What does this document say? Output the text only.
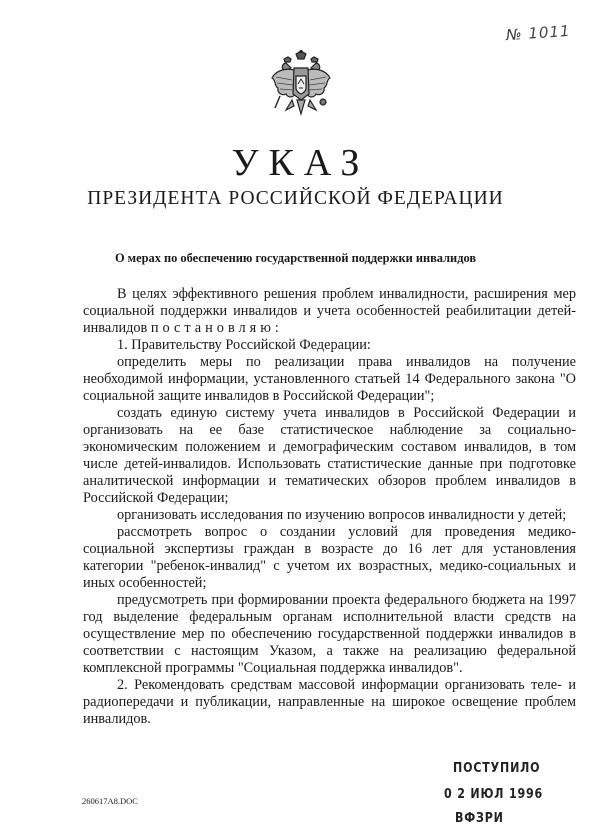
№ 1011
УКАЗ
ПРЕЗИДЕНТА РОССИЙСКОЙ ФЕДЕРАЦИИ
О мерах по обеспечению государственной поддержки инвалидов

В целях эффективного решения проблем инвалидности, расширения мер социальной поддержки инвалидов и учета особенностей реабилитации детей-инвалидов постановляю:

1. Правительству Российской Федерации:

определить меры по реализации права инвалидов на получение необходимой информации, установленного статьей 14 Федерального закона "О социальной защите инвалидов в Российской Федерации";

создать единую систему учета инвалидов в Российской Федерации и организовать на ее базе статистическое наблюдение за социально-экономическим положением и демографическим составом инвалидов, в том числе детей-инвалидов. Использовать статистические данные при подготовке аналитической информации и тематических обзоров проблем инвалидов в Российской Федерации;

организовать исследования по изучению вопросов инвалидности у детей;

рассмотреть вопрос о создании условий для проведения медико-социальной экспертизы граждан в возрасте до 16 лет для установления категории "ребенок-инвалид" с учетом их возрастных, медико-социальных и иных особенностей;

предусмотреть при формировании проекта федерального бюджета на 1997 год выделение федеральным органам исполнительной власти средств на осуществление мер по обеспечению государственной поддержки инвалидов в соответствии с настоящим Указом, а также на реализацию федеральной комплексной программы "Социальная поддержка инвалидов".

2. Рекомендовать средствам массовой информации организовать теле- и радиопередачи и публикации, направленные на широкое освещение проблем инвалидов.

ПОСТУПИЛО
0 2 ИЮЛ 1996
ВФЗРИ
260617A8.DOC
